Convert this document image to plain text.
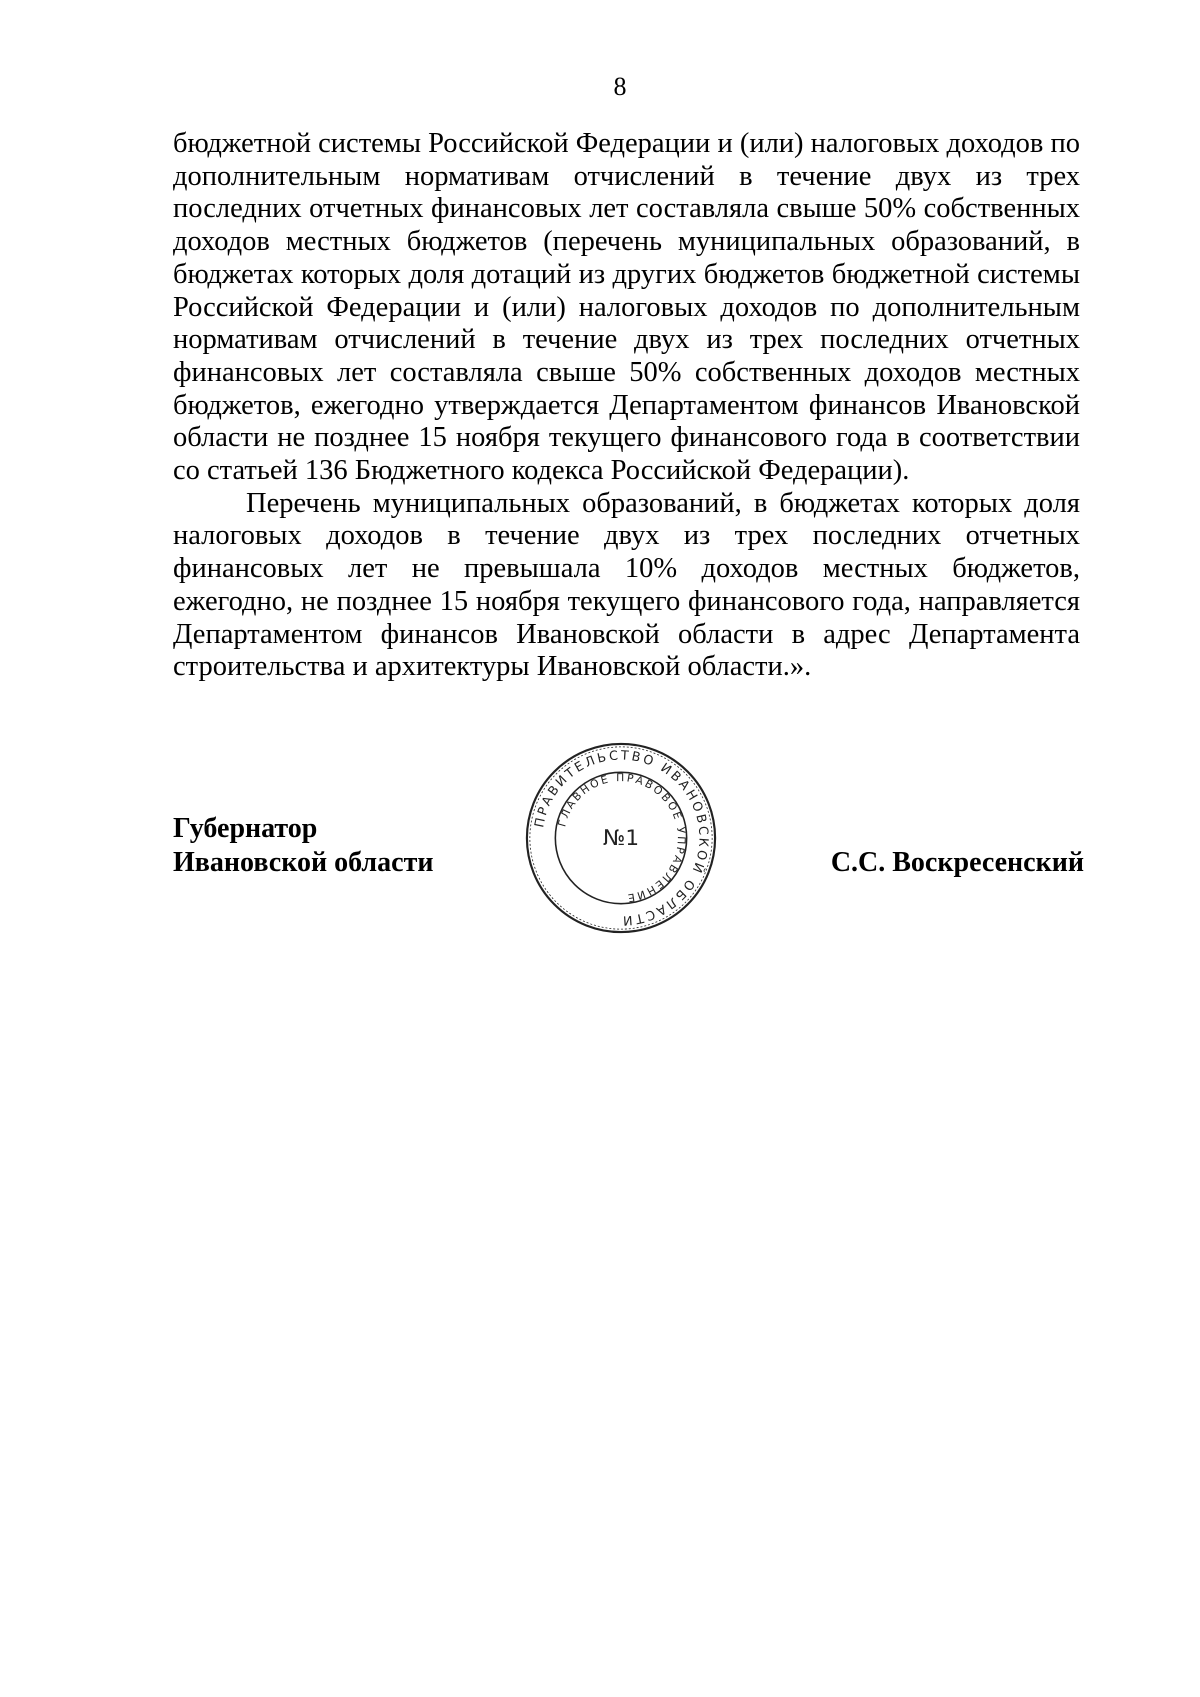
8

бюджетной системы Российской Федерации и (или) налоговых доходов по дополнительным нормативам отчислений в течение двух из трех последних отчетных финансовых лет составляла свыше 50% собственных доходов местных бюджетов (перечень муниципальных образований, в бюджетах которых доля дотаций из других бюджетов бюджетной системы Российской Федерации и (или) налоговых доходов по дополнительным нормативам отчислений в течение двух из трех последних отчетных финансовых лет составляла свыше 50% собственных доходов местных бюджетов, ежегодно утверждается Департаментом финансов Ивановской области не позднее 15 ноября текущего финансового года в соответствии со статьей 136 Бюджетного кодекса Российской Федерации).

Перечень муниципальных образований, в бюджетах которых доля налоговых доходов в течение двух из трех последних отчетных финансовых лет не превышала 10% доходов местных бюджетов, ежегодно, не позднее 15 ноября текущего финансового года, направляется Департаментом финансов Ивановской области в адрес Департамента строительства и архитектуры Ивановской области.».

Губернатор
Ивановской области
ПРАВИТЕЛЬСТВО ИВАНОВСКОЙ ОБЛАСТИ
ГЛАВНОЕ ПРАВОВОЕ УПРАВЛЕНИЕ
№1
С.С. Воскресенский
